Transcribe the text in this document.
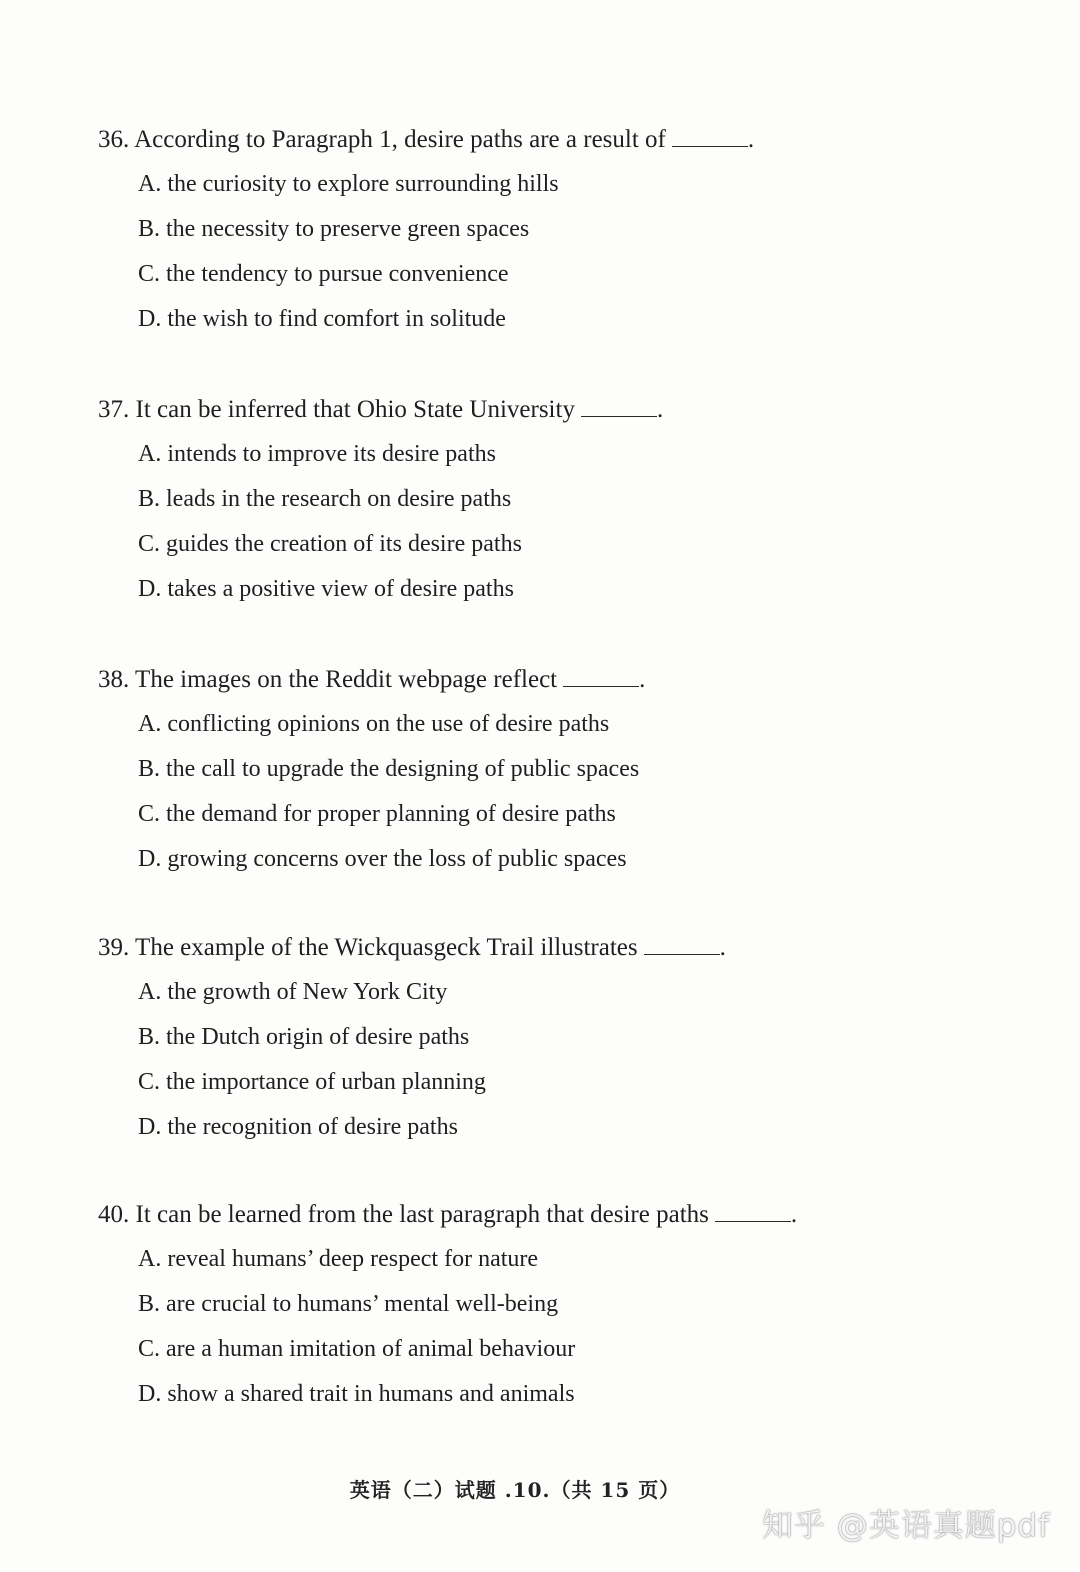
36. According to Paragraph 1, desire paths are a result of	.
A. the curiosity to explore surrounding hills
B. the necessity to preserve green spaces
C. the tendency to pursue convenience
D. the wish to find comfort in solitude
37. It can be inferred that Ohio State University	.
A. intends to improve its desire paths
B. leads in the research on desire paths
C. guides the creation of its desire paths
D. takes a positive view of desire paths
38. The images on the Reddit webpage reflect	.
A. conflicting opinions on the use of desire paths
B. the call to upgrade the designing of public spaces
C. the demand for proper planning of desire paths
D. growing concerns over the loss of public spaces
39. The example of the Wickquasgeck Trail illustrates	.
A. the growth of New York City
B. the Dutch origin of desire paths
C. the importance of urban planning
D. the recognition of desire paths
40. It can be learned from the last paragraph that desire paths	.
A. reveal humans’ deep respect for nature
B. are crucial to humans’ mental well-being
C. are a human imitation of animal behaviour
D. show a shared trait in humans and animals
英语（二）试题 .10.（共 15 页）
知乎 @英语真题pdf
